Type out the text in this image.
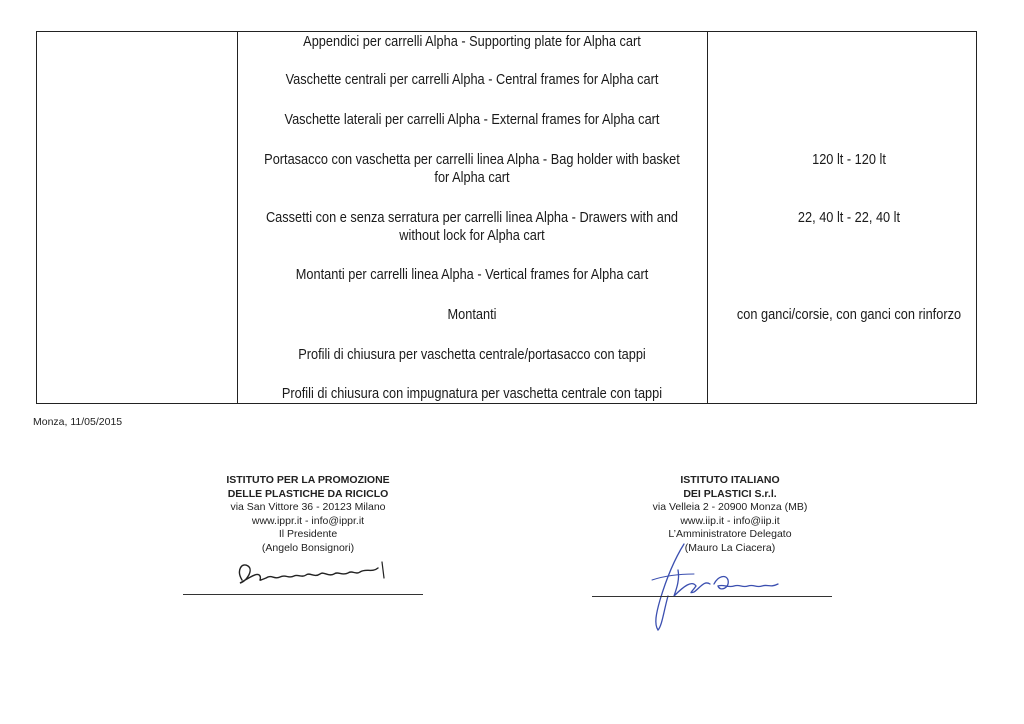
Appendici per carrelli Alpha - Supporting plate for Alpha cart
Vaschette centrali per carrelli Alpha - Central frames for Alpha cart
Vaschette laterali per carrelli Alpha - External frames for Alpha cart
Portasacco con vaschetta per carrelli linea Alpha - Bag holder with basket
for Alpha cart
Cassetti con e senza serratura per carrelli linea Alpha - Drawers with and
without lock for Alpha cart
Montanti per carrelli linea Alpha - Vertical frames for Alpha cart
Montanti
Profili di chiusura per vaschetta centrale/portasacco con tappi
Profili di chiusura con impugnatura per vaschetta centrale con tappi
120 lt - 120 lt
22, 40 lt - 22, 40 lt
con ganci/corsie, con ganci con rinforzo
Monza, 11/05/2015
ISTITUTO PER LA PROMOZIONE
DELLE PLASTICHE DA RICICLO
via San Vittore 36 - 20123 Milano
www.ippr.it - info@ippr.it
Il Presidente
(Angelo Bonsignori)
ISTITUTO ITALIANO
DEI PLASTICI S.r.l.
via Velleia 2 - 20900 Monza (MB)
www.iip.it - info@iip.it
L’Amministratore Delegato
(Mauro La Ciacera)
